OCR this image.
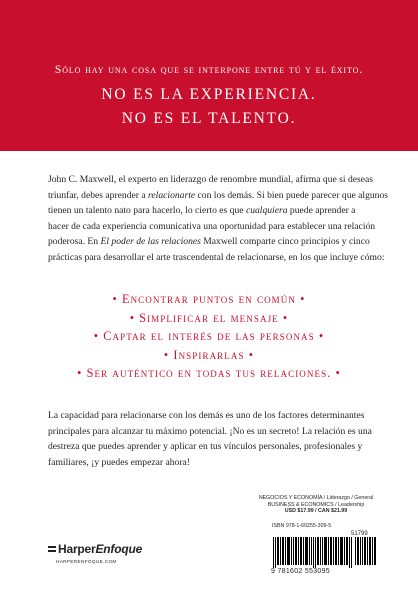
Sólo hay una cosa que se interpone entre tú y el éxito.
NO ES LA EXPERIENCIA.
NO ES EL TALENTO.
John C. Maxwell, el experto en liderazgo de renombre mundial, afirma que si deseas
triunfar, debes aprender a relacionarte con los demás. Si bien puede parecer que algunos
tienen un talento nato para hacerlo, lo cierto es que cualquiera puede aprender a
hacer de cada experiencia comunicativa una oportunidad para establecer una relación
poderosa. En El poder de las relaciones Maxwell comparte cinco principios y cinco
prácticas para desarrollar el arte trascendental de relacionarse, en los que incluye cómo:
• Encontrar puntos en común •
• Simplificar el mensaje •
• Captar el interés de las personas •
• Inspirarlas •
• Ser auténtico en todas tus relaciones. •
La capacidad para relacionarse con los demás es uno de los factores determinantes
principales para alcanzar tu máximo potencial. ¡No es un secreto! La relación es una
destreza que puedes aprender y aplicar en tus vínculos personales, profesionales y
familiares, ¡y puedes empezar ahora!
Harper Enfoque
HARPERENFOQUE.COM
NEGOCIOS Y ECONOMÍA / Liderazgo / General
BUSINESS & ECONOMICS / Leadership
USD $17.99 / CAN $21.99
ISBN 978-1-60255-309-5
51799
9 781602 553095
